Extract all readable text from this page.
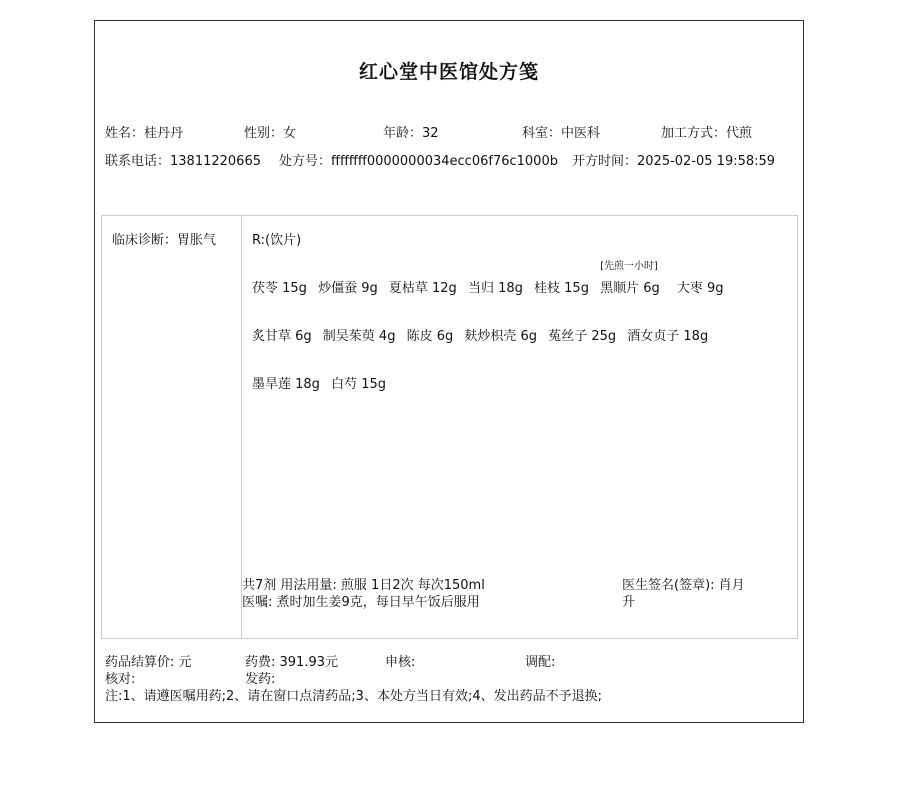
红心堂中医馆处方笺
姓名：桂丹丹	性别：女	年龄：32	科室：中医科	加工方式：代煎
联系电话：13811220665 处方号：ffffffff0000000034ecc06f76c1000b 开方时间：2025-02-05 19:58:59
临床诊断：胃胀气	R:(饮片)
茯苓 15g 炒僵蚕 9g 夏枯草 12g 当归 18g 桂枝 15g
[先煎一小时]
黑顺片 6g 大枣 9g
炙甘草 6g 制吴茱萸 4g 陈皮 6g 麸炒枳壳 6g 菟丝子 25g 酒女贞子 18g
墨旱莲 18g 白芍 15g
共7剂 用法用量: 煎服 1日2次 每次150ml
医嘱: 煮时加生姜9克，每日早午饭后服用
医生签名(签章): 肖月升
药品结算价: 元	药费: 391.93元	申核:	调配:
核对:	发药:
注:1、请遵医嘱用药;2、请在窗口点清药品;3、本处方当日有效;4、发出药品不予退换;
